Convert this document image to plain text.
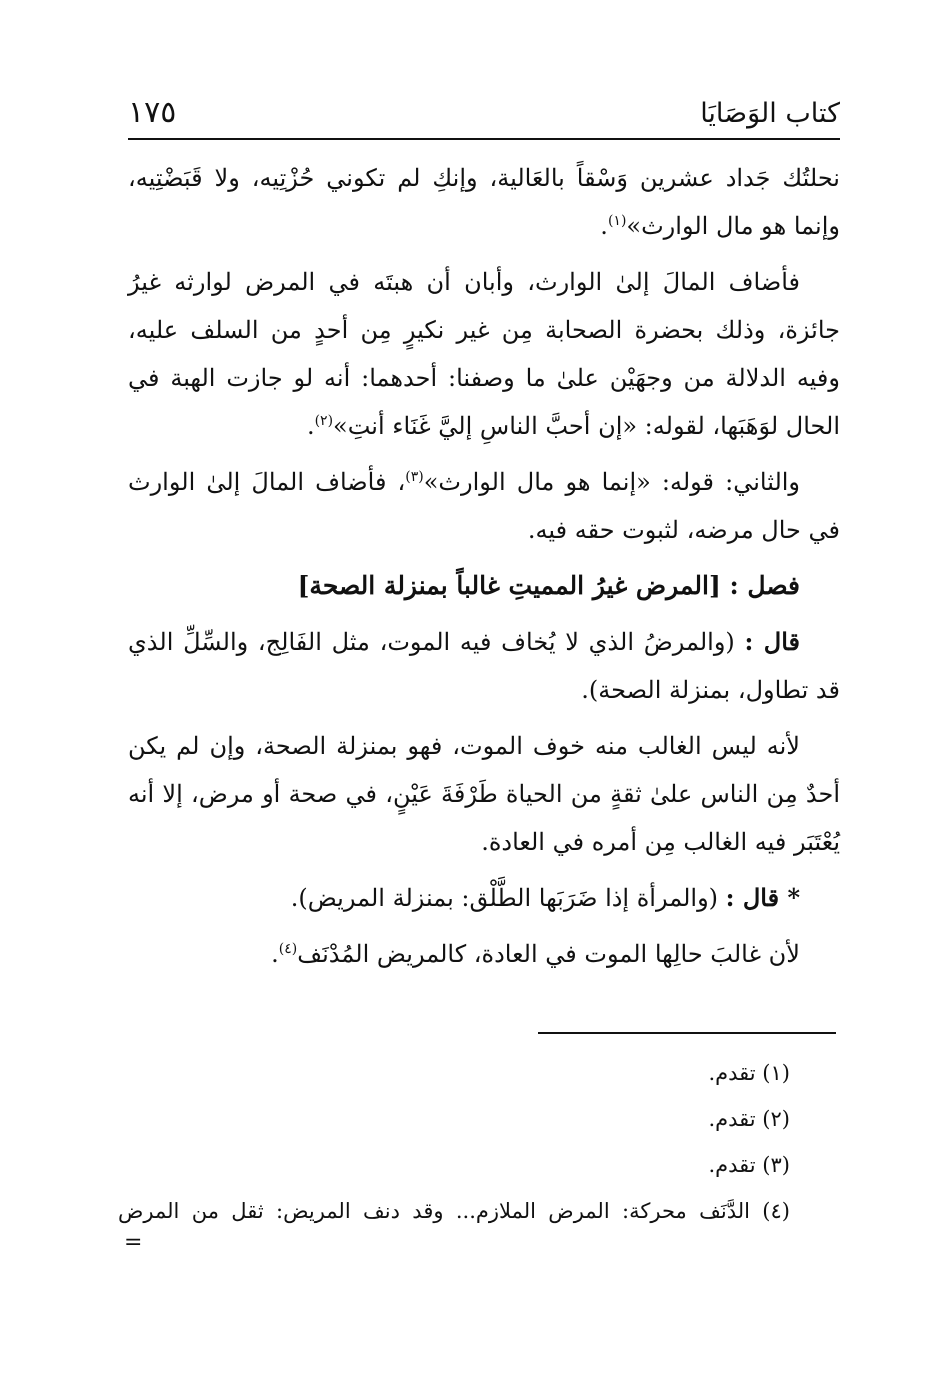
كتاب الوَصَايَا
١٧٥

نحلتُك جَداد عشرين وَسْقاً بالعَالية، وإنكِ لم تكوني حُزْتِيه، ولا قَبَضْتِيه، وإنما هو مال الوارث»$^{(١)}$.

فأضاف المالَ إلىٰ الوارث، وأبان أن هبتَه في المرض لوارثه غيرُ جائزة، وذلك بحضرة الصحابة مِن غير نكيرٍ مِن أحدٍ من السلف عليه، وفيه الدلالة من وجهَيْن علىٰ ما وصفنا: أحدهما: أنه لو جازت الهبة في الحال لوَهَبَها، لقوله: «إن أحبَّ الناسِ إليَّ غَنَاء أنتِ»$^{(٢)}$.

والثاني: قوله: «إنما هو مال الوارث»$^{(٣)}$، فأضاف المالَ إلىٰ الوارث في حال مرضه، لثبوت حقه فيه.

فصل : [المرض غيرُ المميتِ غالباً بمنزلة الصحة]

قال : (والمرضُ الذي لا يُخاف فيه الموت، مثل الفَالِج، والسِّلِّ الذي قد تطاول، بمنزلة الصحة).

لأنه ليس الغالب منه خوف الموت، فهو بمنزلة الصحة، وإن لم يكن أحدٌ مِن الناس علىٰ ثقةٍ من الحياة طَرْفَةَ عَيْنٍ، في صحة أو مرض، إلا أنه يُعْتَبَر فيه الغالب مِن أمره في العادة.

* قال : (والمرأة إذا ضَرَبَها الطَّلْق: بمنزلة المريض).

لأن غالبَ حالِها الموت في العادة، كالمريض المُدْنَف$^{(٤)}$.

(١) تقدم.

(٢) تقدم.

(٣) تقدم.

(٤) الدَّنَف محركة: المرض الملازم... وقد دنف المريض: ثقل من المرض

=
